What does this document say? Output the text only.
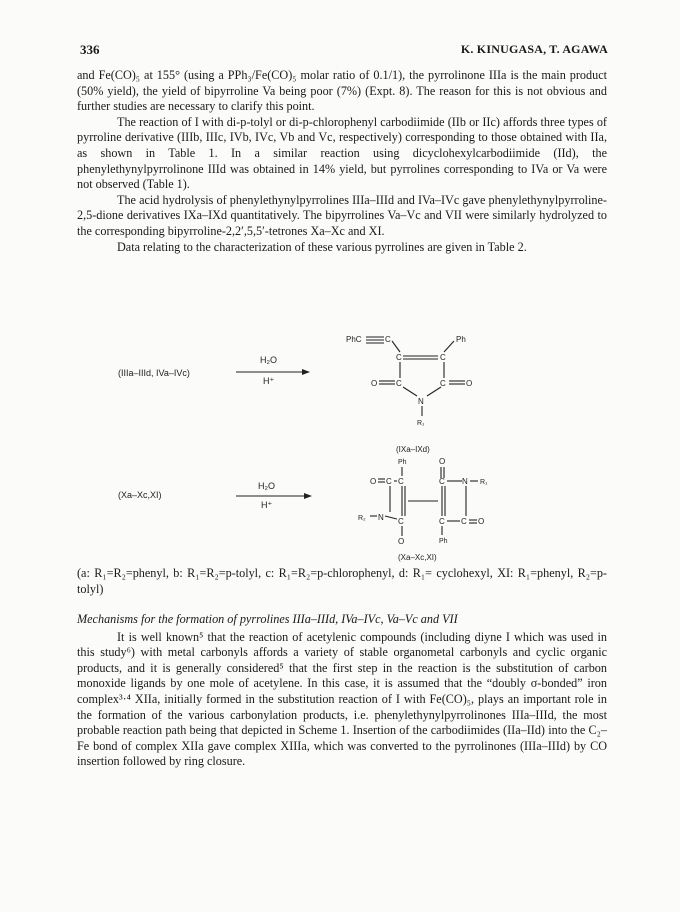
336	K. KINUGASA, T. AGAWA

and Fe(CO)₅ at 155° (using a PPh₃/Fe(CO)₅ molar ratio of 0.1/1), the pyrrolinone IIIa is the main product (50% yield), the yield of bipyrroline Va being poor (7%) (Expt. 8). The reason for this is not obvious and further studies are necessary to clarify this point.

The reaction of I with di-p-tolyl or di-p-chlorophenyl carbodiimide (IIb or IIc) affords three types of pyrroline derivative (IIIb, IIIc, IVb, IVc, Vb and Vc, respectively) corresponding to those obtained with IIa, as shown in Table 1. In a similar reaction using dicyclohexylcarbodiimide (IId), the phenylethynylpyrrolinone IIId was obtained in 14% yield, but pyrrolines corresponding to IVa or Va were not observed (Table 1).

The acid hydrolysis of phenylethynylpyrrolines IIIa–IIId and IVa–IVc gave phenylethynylpyrroline-2,5-dione derivatives IXa–IXd quantitatively. The bipyrrolines Va–Vc and VII were similarly hydrolyzed to the corresponding bipyrroline-2,2′,5,5′-tetrones Xa–Xc and XI.

Data relating to the characterization of these various pyrrolines are given in Table 2.

(IIIa–IIId, IVa–IVc)
H₂O
H⁺
PhC	C	Ph
C	C
C	C
O	O
N
R₁
(IXa–IXd)
(Xa–Xc,XI)
H₂O
H⁺
Ph
C
O C
C
R₂ N
O
O
C N R₁
C C O
Ph
(Xa–Xc,XI)

(a: R₁=R₂=phenyl, b: R₁=R₂=p-tolyl, c: R₁=R₂=p-chlorophenyl, d: R₁= cyclohexyl, XI: R₁=phenyl, R₂=p-tolyl)

Mechanisms for the formation of pyrrolines IIIa–IIId, IVa–IVc, Va–Vc and VII

It is well known⁵ that the reaction of acetylenic compounds (including diyne I which was used in this study⁶) with metal carbonyls affords a variety of stable organometal carbonyls and cyclic organic products, and it is generally considered⁵ that the first step in the reaction is the substitution of carbon monoxide ligands by one mole of acetylene. In this case, it is assumed that the “doubly σ-bonded” iron complex³·⁴ XIIa, initially formed in the substitution reaction of I with Fe(CO)₅, plays an important role in the formation of the various carbonylation products, i.e. phenylethynylpyrrolinones IIIa–IIId, the most probable reaction path being that depicted in Scheme 1. Insertion of the carbodiimides (IIa–IId) into the C₂–Fe bond of complex XIIa gave complex XIIIa, which was converted to the pyrrolinones (IIIa–IIId) by CO insertion followed by ring closure.
